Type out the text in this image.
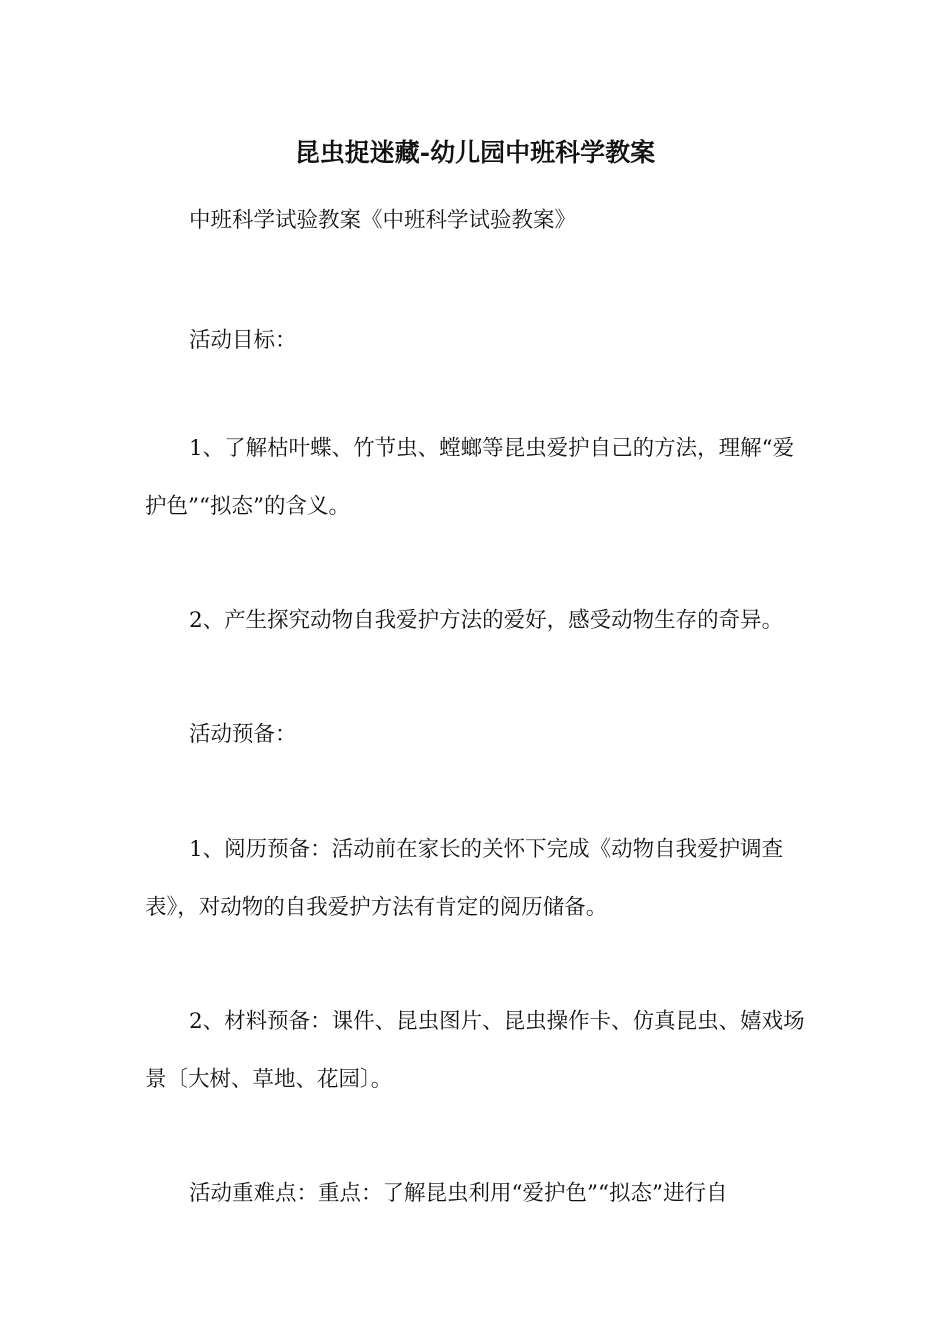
昆虫捉迷藏-幼儿园中班科学教案

中班科学试验教案《中班科学试验教案》

活动目标：

1、了解枯叶蝶、竹节虫、螳螂等昆虫爱护自己的方法，理解“爱护色”“拟态”的含义。

2、产生探究动物自我爱护方法的爱好，感受动物生存的奇异。

活动预备：

1、阅历预备：活动前在家长的关怀下完成《动物自我爱护调查表》，对动物的自我爱护方法有肯定的阅历储备。

2、材料预备：课件、昆虫图片、昆虫操作卡、仿真昆虫、嬉戏场景〔大树、草地、花园〕。

活动重难点：重点：了解昆虫利用“爱护色”“拟态”进行自
